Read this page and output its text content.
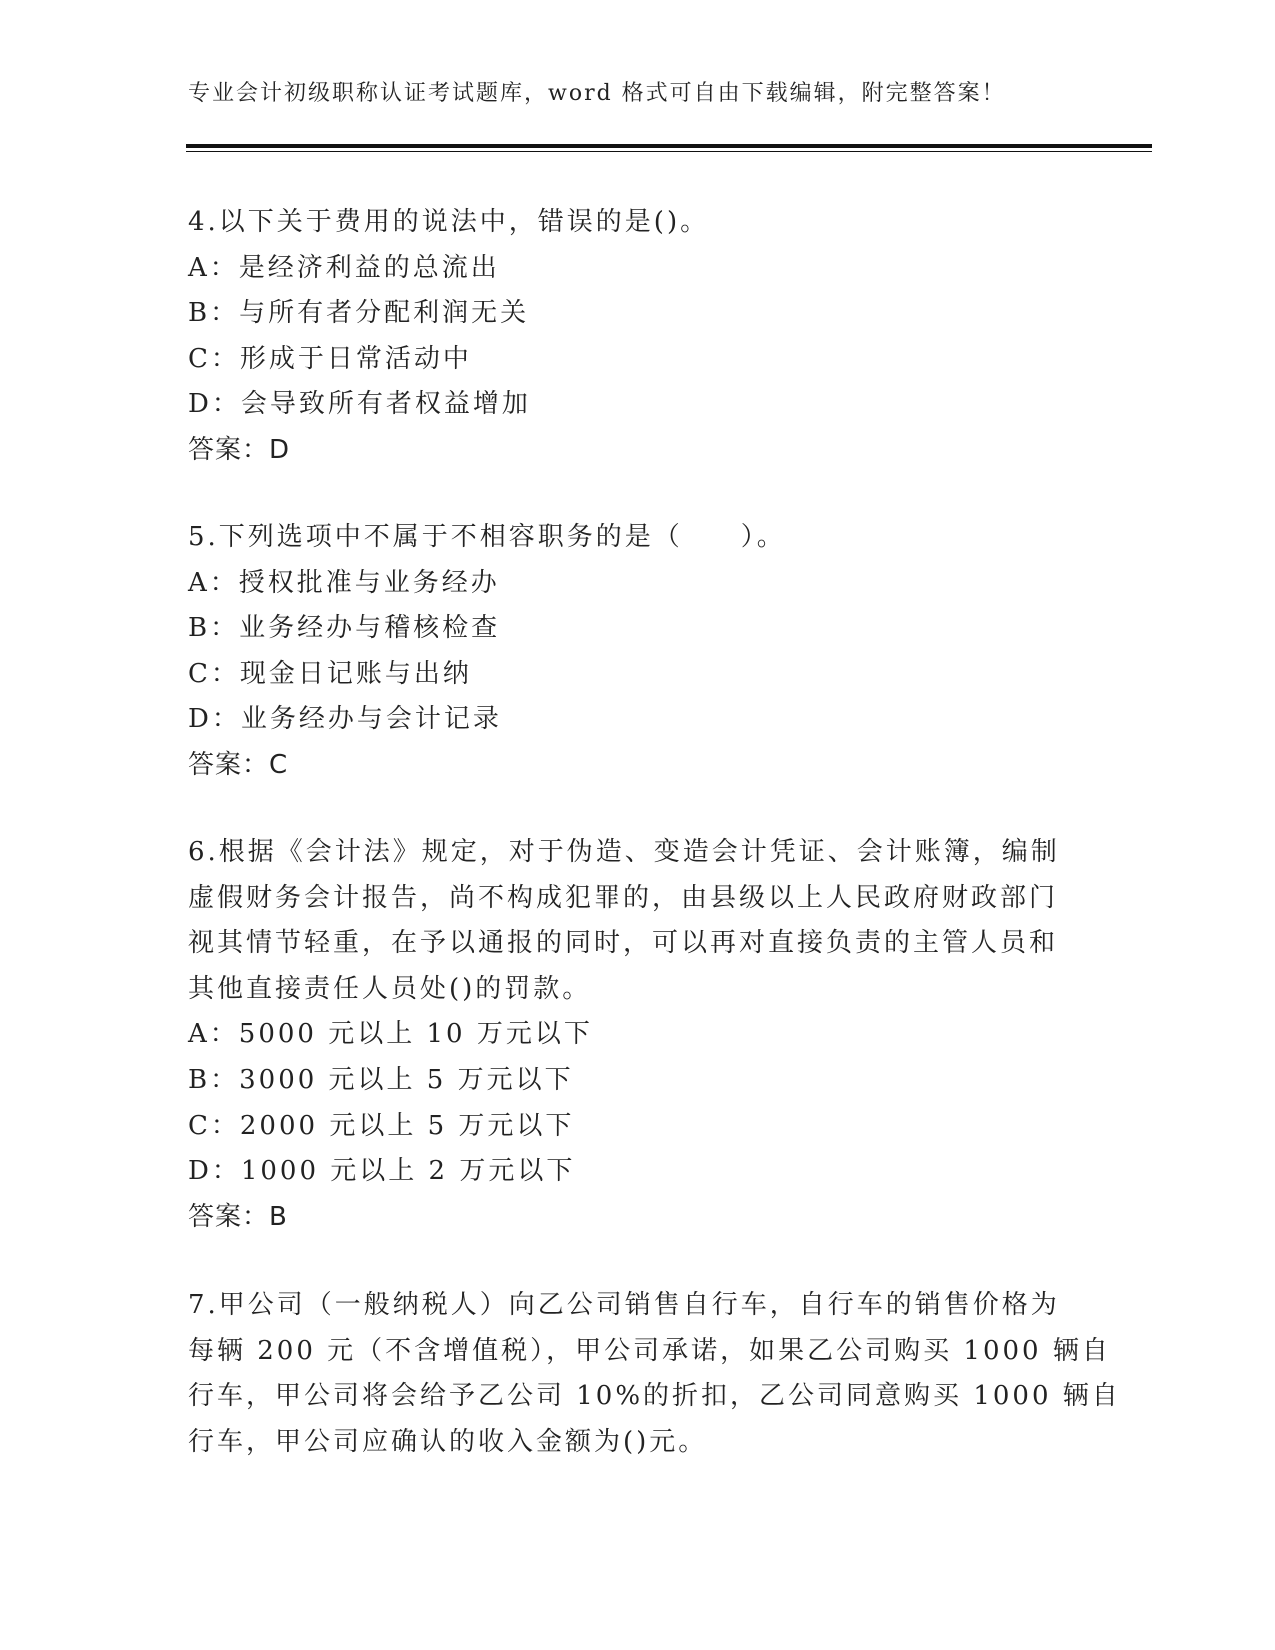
专业会计初级职称认证考试题库，word 格式可自由下载编辑，附完整答案！
4.以下关于费用的说法中，错误的是()。
A：是经济利益的总流出
B：与所有者分配利润无关
C：形成于日常活动中
D：会导致所有者权益增加
答案：D
5.下列选项中不属于不相容职务的是（　　）。
A：授权批准与业务经办
B：业务经办与稽核检查
C：现金日记账与出纳
D：业务经办与会计记录
答案：C
6.根据《会计法》规定，对于伪造、变造会计凭证、会计账簿，编制
虚假财务会计报告，尚不构成犯罪的，由县级以上人民政府财政部门
视其情节轻重，在予以通报的同时，可以再对直接负责的主管人员和
其他直接责任人员处()的罚款。
A：5000 元以上 10 万元以下
B：3000 元以上 5 万元以下
C：2000 元以上 5 万元以下
D：1000 元以上 2 万元以下
答案：B
7.甲公司（一般纳税人）向乙公司销售自行车，自行车的销售价格为
每辆 200 元（不含增值税），甲公司承诺，如果乙公司购买 1000 辆自
行车，甲公司将会给予乙公司 10%的折扣，乙公司同意购买 1000 辆自
行车，甲公司应确认的收入金额为()元。
